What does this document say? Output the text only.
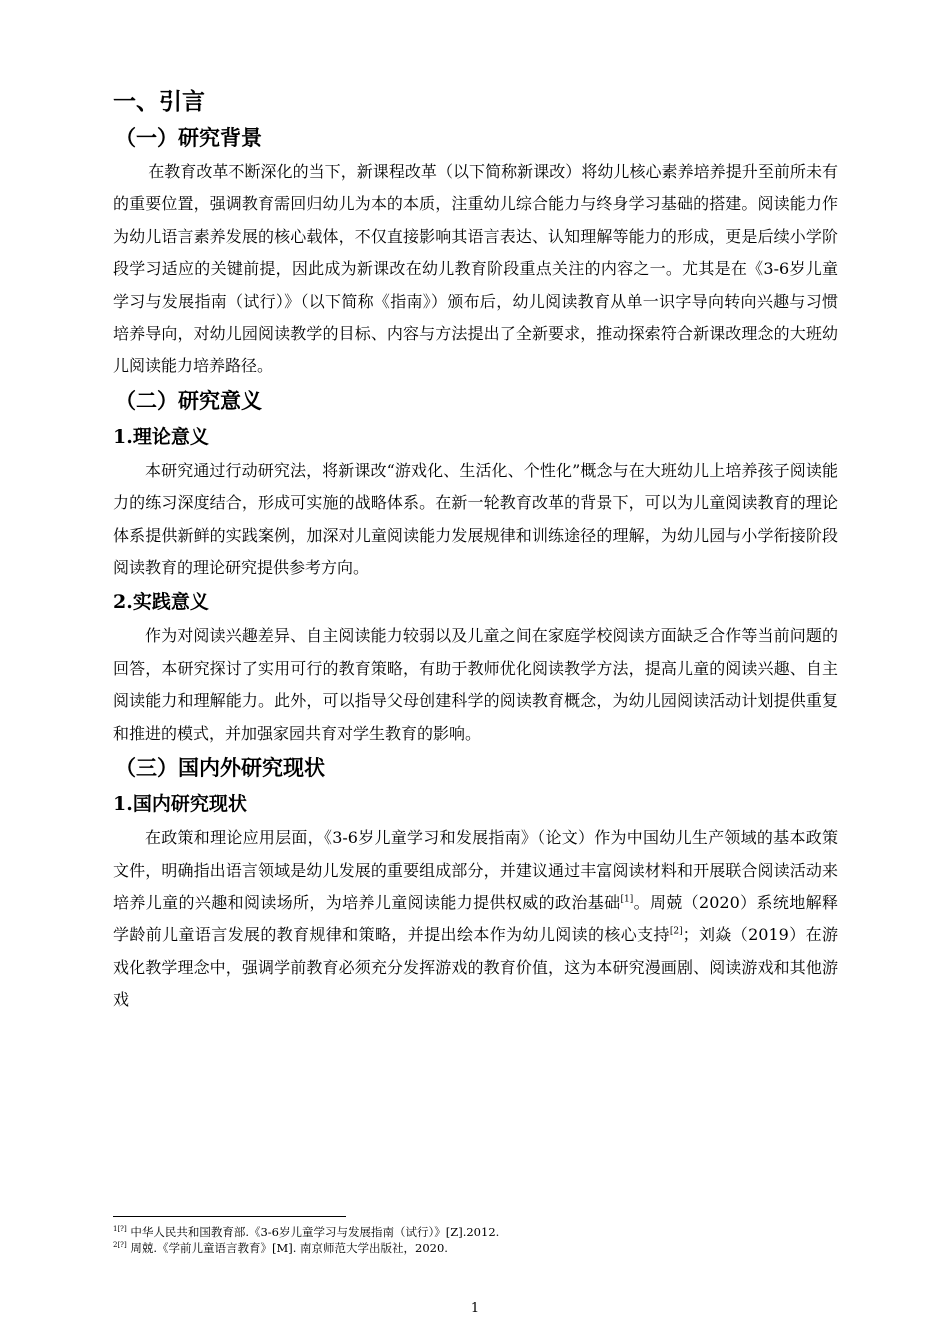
一、引言
（一）研究背景

在教育改革不断深化的当下，新课程改革（以下简称新课改）将幼儿核心素养培养提升至前所未有的重要位置，强调教育需回归幼儿为本的本质，注重幼儿综合能力与终身学习基础的搭建。阅读能力作为幼儿语言素养发展的核心载体，不仅直接影响其语言表达、认知理解等能力的形成，更是后续小学阶段学习适应的关键前提，因此成为新课改在幼儿教育阶段重点关注的内容之一。尤其是在《3-6岁儿童学习与发展指南（试行）》（以下简称《指南》）颁布后，幼儿阅读教育从单一识字导向转向兴趣与习惯培养导向，对幼儿园阅读教学的目标、内容与方法提出了全新要求，推动探索符合新课改理念的大班幼儿阅读能力培养路径。

（二）研究意义
1.理论意义

本研究通过行动研究法，将新课改“游戏化、生活化、个性化”概念与在大班幼儿上培养孩子阅读能力的练习深度结合，形成可实施的战略体系。在新一轮教育改革的背景下，可以为儿童阅读教育的理论体系提供新鲜的实践案例，加深对儿童阅读能力发展规律和训练途径的理解，为幼儿园与小学衔接阶段阅读教育的理论研究提供参考方向。

2.实践意义

作为对阅读兴趣差异、自主阅读能力较弱以及儿童之间在家庭学校阅读方面缺乏合作等当前问题的回答，本研究探讨了实用可行的教育策略，有助于教师优化阅读教学方法，提高儿童的阅读兴趣、自主阅读能力和理解能力。此外，可以指导父母创建科学的阅读教育概念，为幼儿园阅读活动计划提供重复和推进的模式，并加强家园共育对学生教育的影响。

（三）国内外研究现状
1.国内研究现状

在政策和理论应用层面，《3-6岁儿童学习和发展指南》（论文）作为中国幼儿生产领域的基本政策文件，明确指出语言领域是幼儿发展的重要组成部分，并建议通过丰富阅读材料和开展联合阅读活动来培养儿童的兴趣和阅读场所，为培养儿童阅读能力提供权威的政治基础[1]。周兢（2020）系统地解释学龄前儿童语言发展的教育规律和策略，并提出绘本作为幼儿阅读的核心支持[2]；刘焱（2019）在游戏化教学理念中，强调学前教育必须充分发挥游戏的教育价值，这为本研究漫画剧、阅读游戏和其他游戏

$^{1[?]}$ 中华人民共和国教育部.《3-6岁儿童学习与发展指南（试行）》[Z].2012.
$^{2[?]}$ 周兢.《学前儿童语言教育》[M]. 南京师范大学出版社，2020.
1
